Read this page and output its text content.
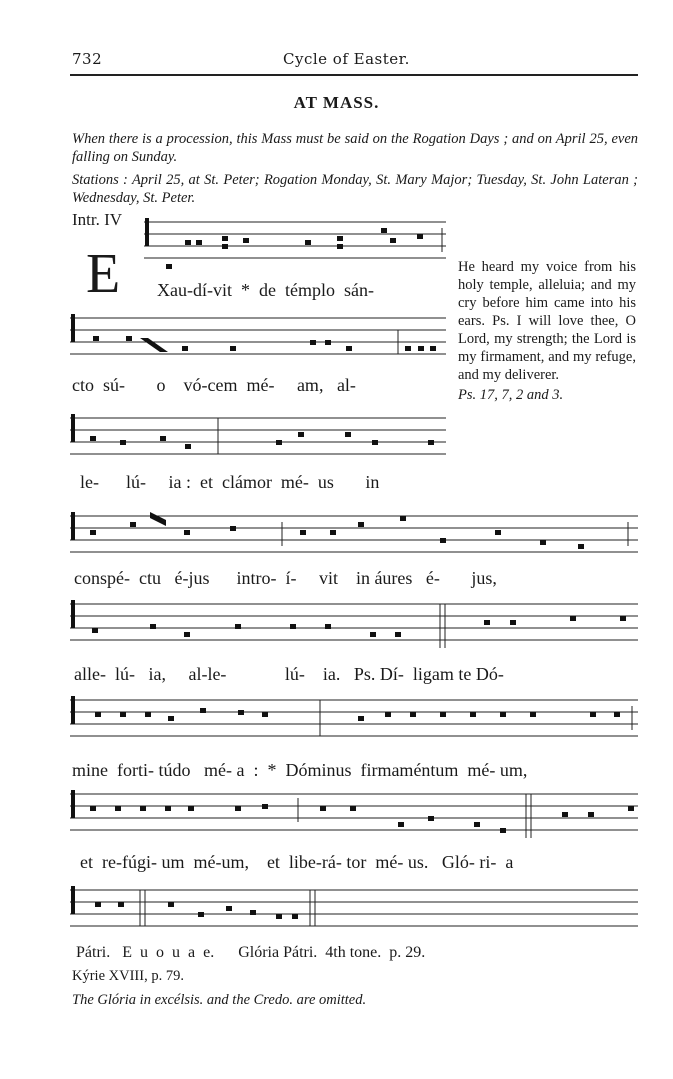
732	Cycle of Easter.
AT MASS.
When there is a procession, this Mass must be said on the Rogation Days ; and on April 25, even falling on Sunday.
Stations : April 25, at St. Peter; Rogation Monday, St. Mary Major; Tuesday, St. John Lateran ; Wednesday, St. Peter.
Intr. IV
E	He heard my voice from his holy temple, alleluia; and my cry before him came into his ears. Ps. I will love thee, O Lord, my strength; the Lord is my firmament, and my refuge, and my deliverer.
Ps. 17, 7, 2 and 3.
Xau-dí-vit  *  de  témplo  sán-
cto  sú-       o    vó-cem  mé-     am,   al-
le-      lú-     ia :  et  clámor  mé-  us       in
conspé-  ctu   é-jus      intro-  í-     vit    in áures   é-       jus,
alle-  lú-   ia,     al-le-             lú-    ia.   Ps. Dí-  ligam te Dó-
mine  forti- túdo   mé- a  :  *  Dóminus  firmaméntum  mé- um,
et  re-fúgi- um  mé-um,    et  libe-rá- tor  mé- us.   Gló- ri-  a
Pátri.   E  u  o  u  a  e.      Glória Pátri.  4th tone.  p. 29.
Kýrie XVIII, p. 79.
The Glória in excélsis. and the Credo. are omitted.
